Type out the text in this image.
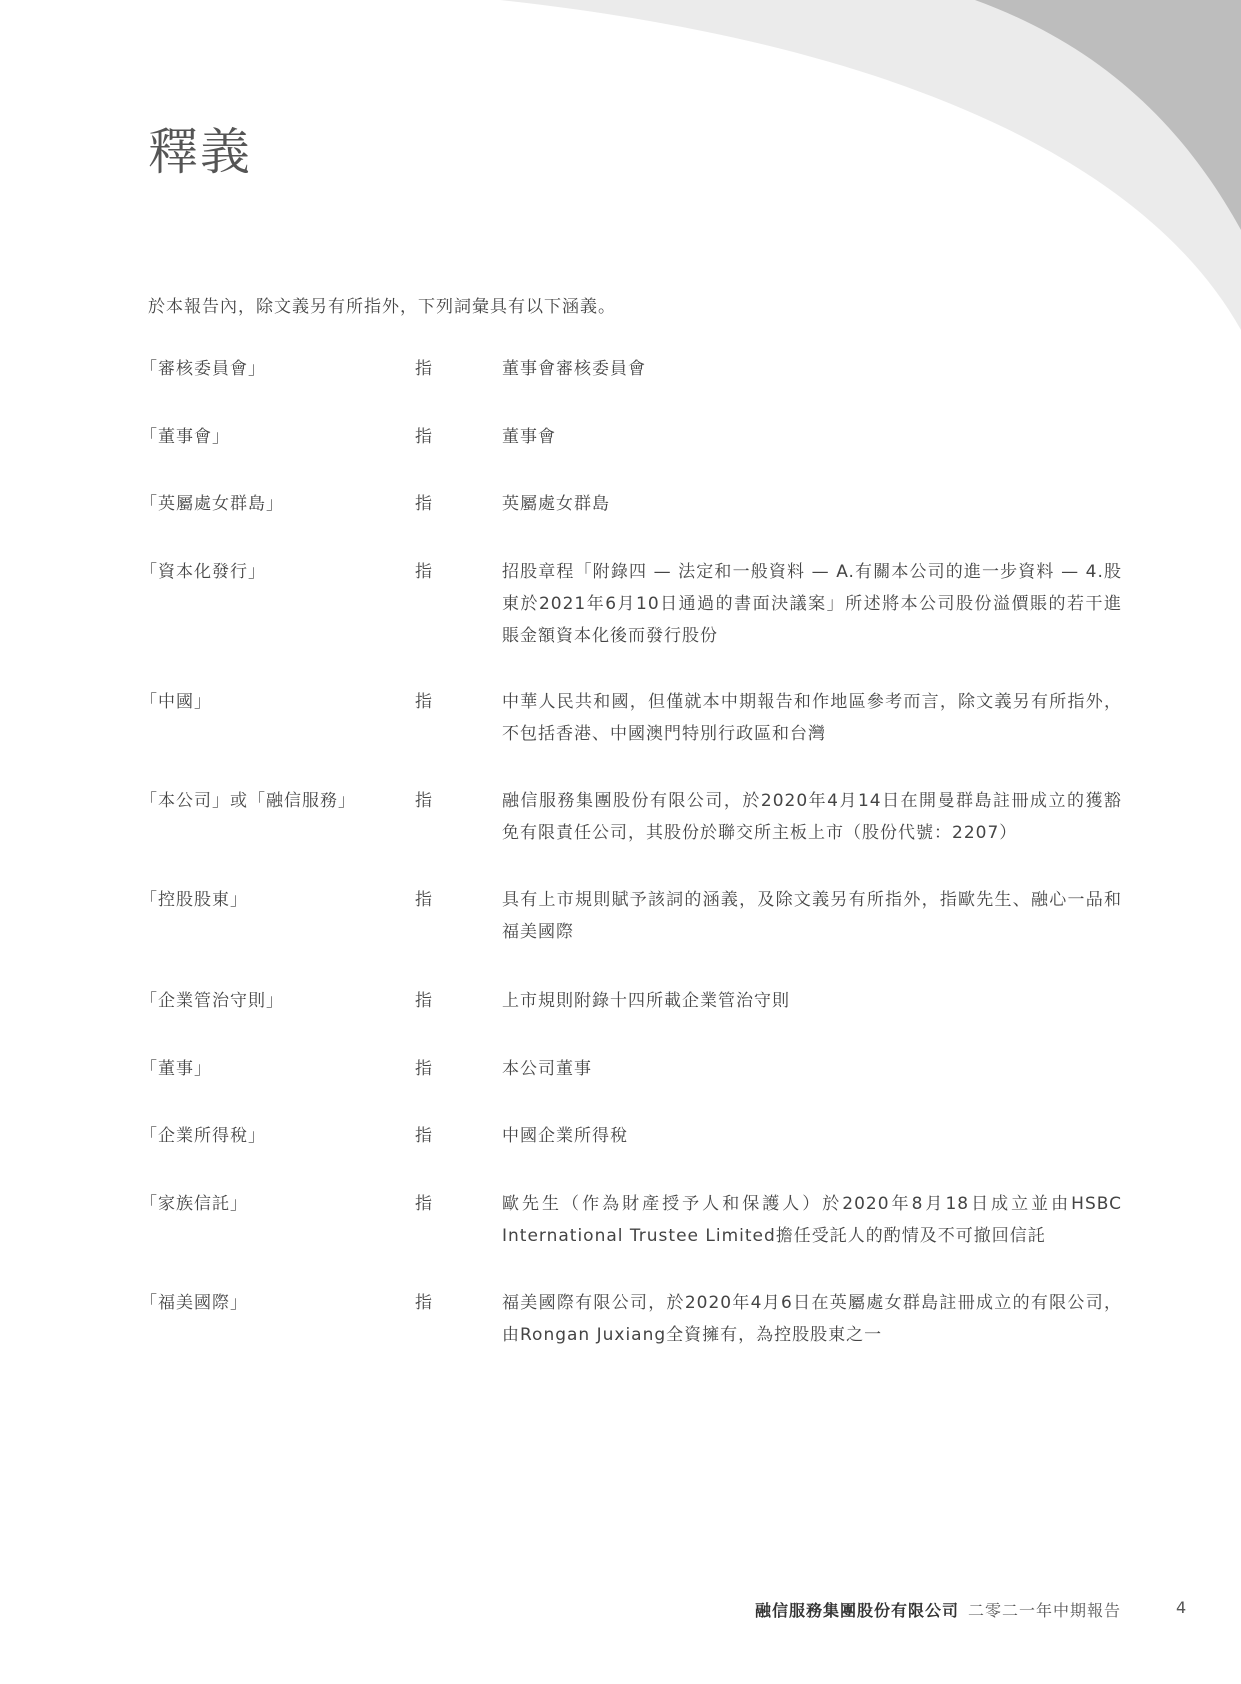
釋義
於本報告內，除文義另有所指外，下列詞彙具有以下涵義。
「審核委員會」	指	董事會審核委員會
「董事會」	指	董事會
「英屬處女群島」	指	英屬處女群島
「資本化發行」	指	招股章程「附錄四 — 法定和一般資料 — A.有關本公司的進一步資料 — 4.股東於2021年6月10日通過的書面決議案」所述將本公司股份溢價賬的若干進賬金額資本化後而發行股份
「中國」	指	中華人民共和國，但僅就本中期報告和作地區參考而言，除文義另有所指外，不包括香港、中國澳門特別行政區和台灣
「本公司」或「融信服務」	指	融信服務集團股份有限公司，於2020年4月14日在開曼群島註冊成立的獲豁免有限責任公司，其股份於聯交所主板上市（股份代號：2207）
「控股股東」	指	具有上市規則賦予該詞的涵義，及除文義另有所指外，指歐先生、融心一品和福美國際
「企業管治守則」	指	上市規則附錄十四所載企業管治守則
「董事」	指	本公司董事
「企業所得稅」	指	中國企業所得稅
「家族信託」	指	歐先生（作為財產授予人和保護人）於2020年8月18日成立並由HSBC International Trustee Limited擔任受託人的酌情及不可撤回信託
「福美國際」	指	福美國際有限公司，於2020年4月6日在英屬處女群島註冊成立的有限公司，由Rongan Juxiang全資擁有，為控股股東之一
融信服務集團股份有限公司 二零二一年中期報告	4
